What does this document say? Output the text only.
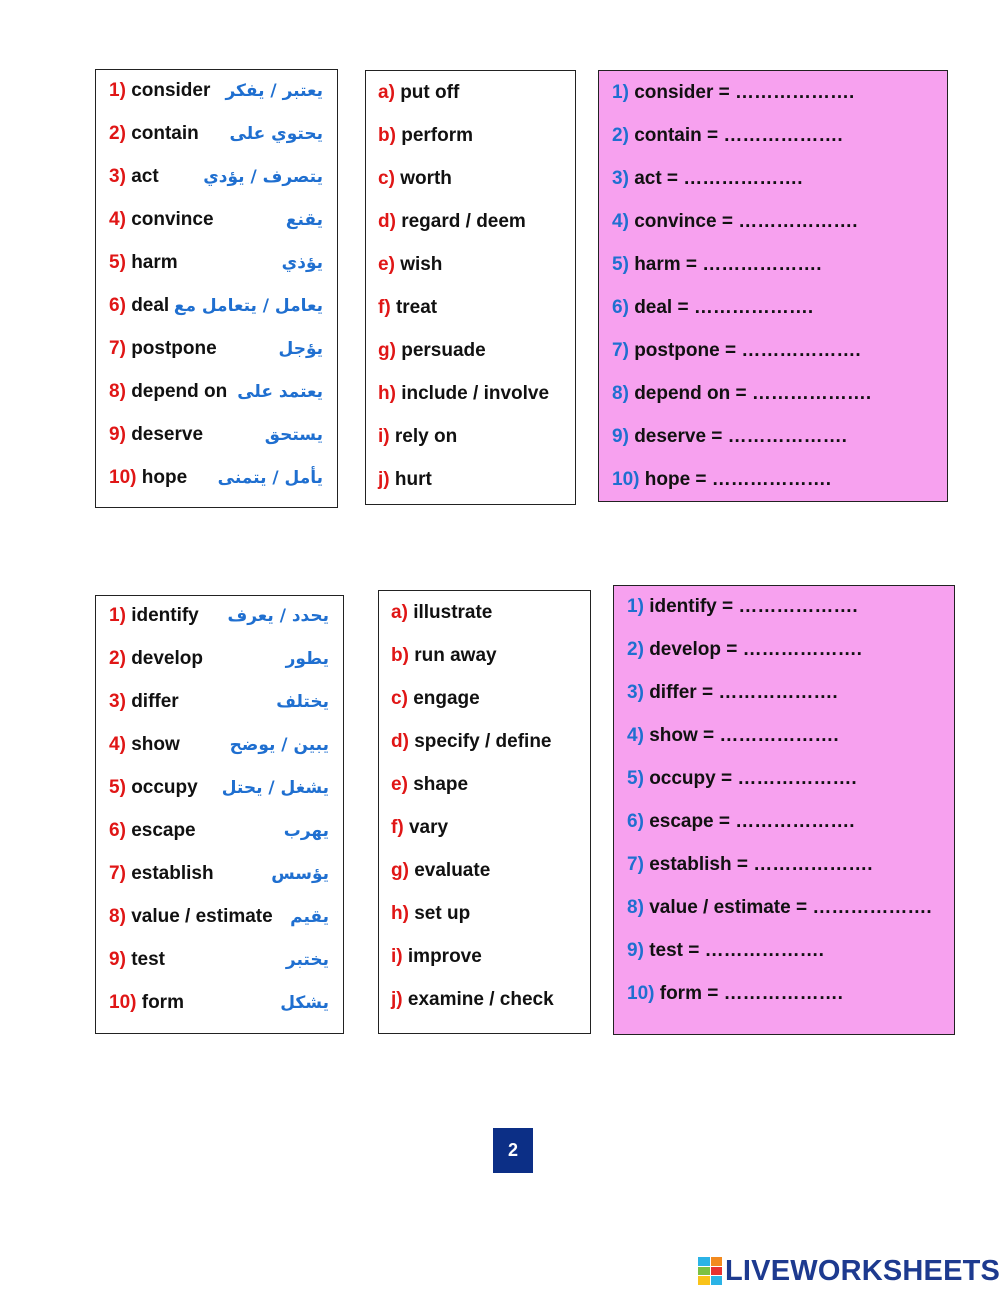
1) consider يعتبر / يفكر
2) contain يحتوي على
3) act	يتصرف / يؤدي
4) convince	يقنع
5) harm	يؤذي
6) deal يعامل / يتعامل مع
7) postpone	يؤجل
8) depend on يعتمد على
9) deserve	يستحق
10) hope يأمل / يتمنى
a) put off
b) perform
c) worth
d) regard / deem
e) wish
f) treat
g) persuade
h) include / involve
i) rely on
j) hurt
1) consider = ……………….
2) contain = ……………….
3) act = ……………….
4) convince = ……………….
5) harm = ……………….
6) deal = ……………….
7) postpone = ……………….
8) depend on = ……………….
9) deserve = ……………….
10) hope = ……………….
1) identify يحدد / يعرف
2) develop	يطور
3) differ	يختلف
4) show	يبين / يوضح
5) occupy يشغل / يحتل
6) escape	يهرب
7) establish	يؤسس
8) value / estimate يقيم
9) test	يختبر
10) form	يشكل
a) illustrate
b) run away
c) engage
d) specify / define
e) shape
f) vary
g) evaluate
h) set up
i) improve
j) examine / check
1) identify = ……………….
2) develop = ……………….
3) differ = ……………….
4) show = ……………….
5) occupy = ……………….
6) escape = ……………….
7) establish = ……………….
8) value / estimate = ……………….
9) test = ……………….
10) form = ……………….
2
LIVEWORKSHEETS
